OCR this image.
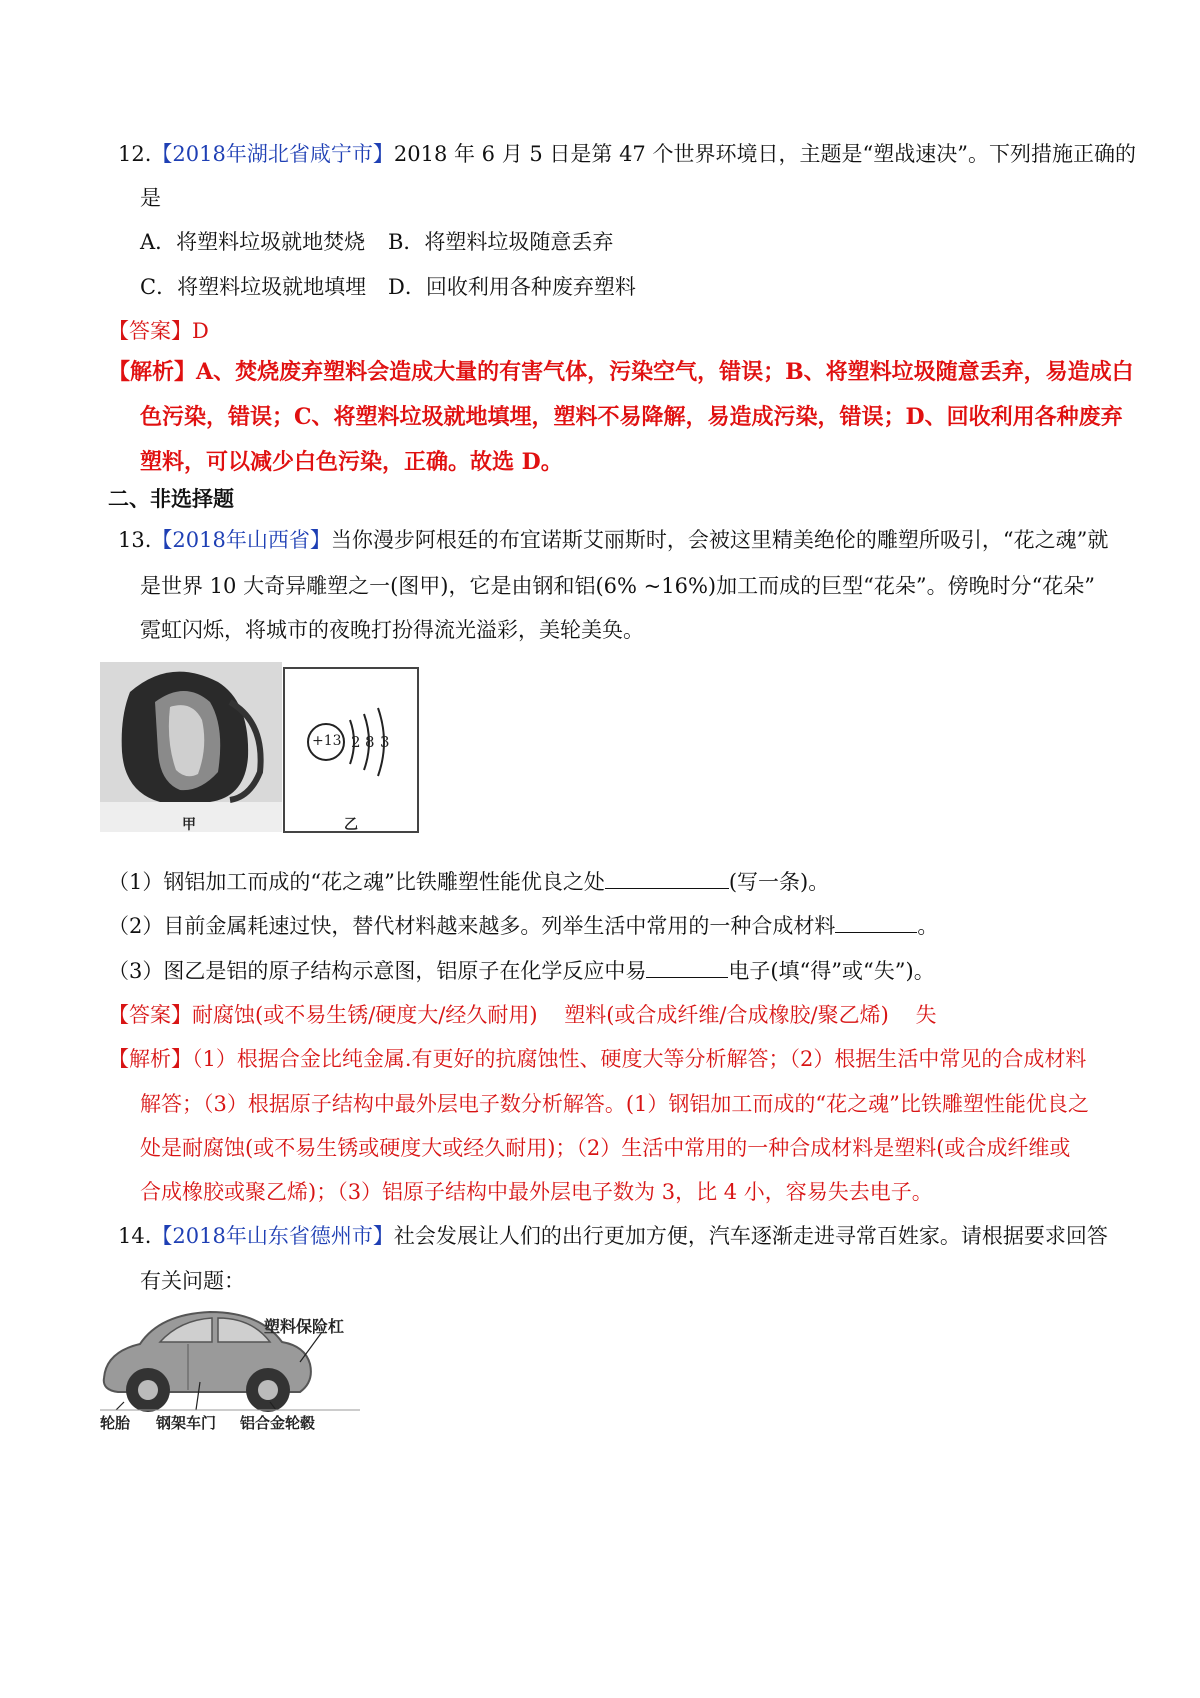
12.【2018年湖北省咸宁市】2018 年 6 月 5 日是第 47 个世界环境日，主题是“塑战速决”。下列措施正确的
是
A．将塑料垃圾就地焚烧 B．将塑料垃圾随意丢弃
C．将塑料垃圾就地填埋 D．回收利用各种废弃塑料
【答案】D
【解析】A、焚烧废弃塑料会造成大量的有害气体，污染空气，错误；B、将塑料垃圾随意丢弃，易造成白
色污染，错误；C、将塑料垃圾就地填埋，塑料不易降解，易造成污染，错误；D、回收利用各种废弃
塑料，可以减少白色污染，正确。故选 D。
二、非选择题
13.【2018年山西省】当你漫步阿根廷的布宜诺斯艾丽斯时，会被这里精美绝伦的雕塑所吸引，“花之魂”就
是世界 10 大奇异雕塑之一(图甲)，它是由钢和铝(6% ~16%)加工而成的巨型“花朵”。傍晚时分“花朵”
霓虹闪烁，将城市的夜晚打扮得流光溢彩，美轮美奂。
+13 2 8 3
甲	乙
（1）钢铝加工而成的“花之魂”比铁雕塑性能优良之处	(写一条)。
（2）目前金属耗速过快，替代材料越来越多。列举生活中常用的一种合成材料	。
（3）图乙是铝的原子结构示意图，铝原子在化学反应中易	电子(填“得”或“失”)。
【答案】耐腐蚀(或不易生锈/硬度大/经久耐用)    塑料(或合成纤维/合成橡胶/聚乙烯)    失
【解析】（1）根据合金比纯金属.有更好的抗腐蚀性、硬度大等分析解答；（2）根据生活中常见的合成材料
解答；（3）根据原子结构中最外层电子数分析解答。(1）钢铝加工而成的“花之魂”比铁雕塑性能优良之
处是耐腐蚀(或不易生锈或硬度大或经久耐用)；（2）生活中常用的一种合成材料是塑料(或合成纤维或
合成橡胶或聚乙烯)；（3）铝原子结构中最外层电子数为 3，比 4 小，容易失去电子。
14.【2018年山东省德州市】社会发展让人们的出行更加方便，汽车逐渐走进寻常百姓家。请根据要求回答
有关问题：
塑料保险杠
轮胎 钢架车门 铝合金轮毂
